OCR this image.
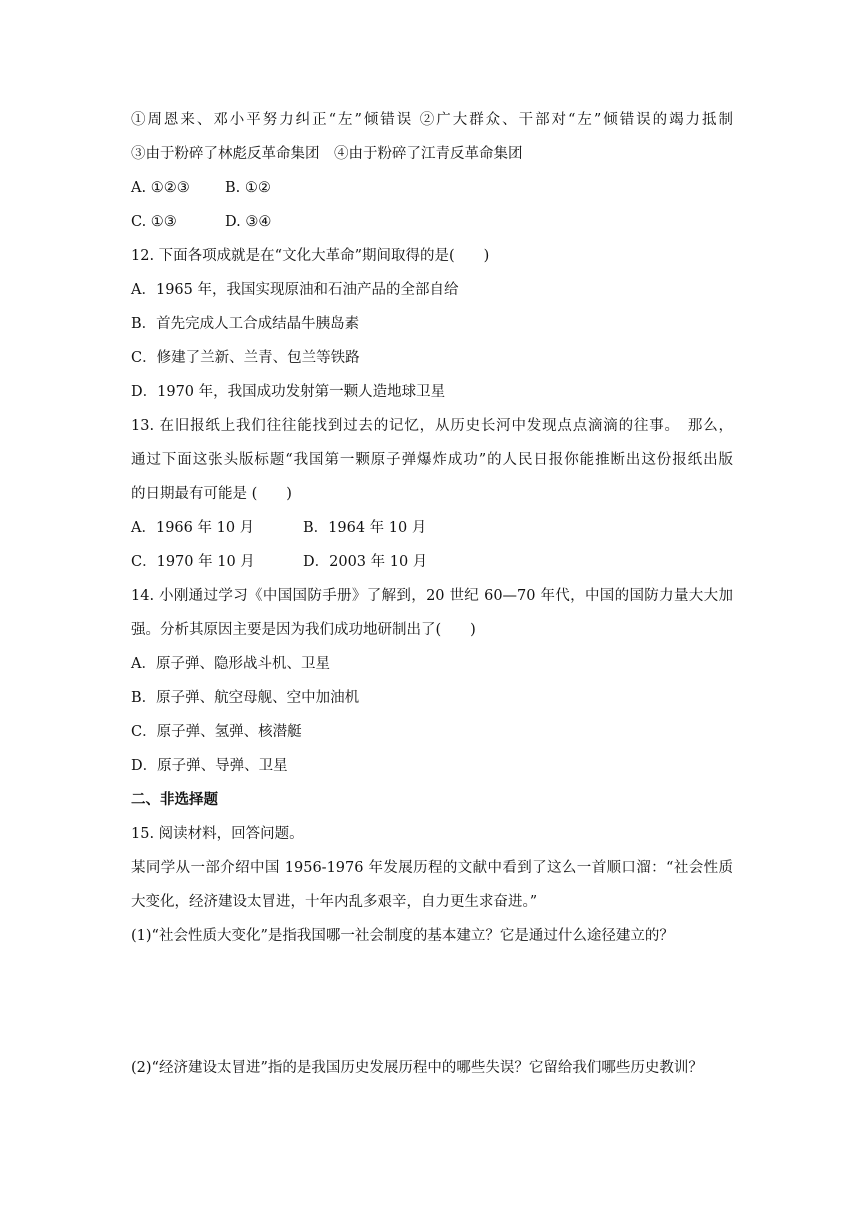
①周恩来、邓小平努力纠正“左”倾错误 ②广大群众、干部对“左”倾错误的竭力抵制
③由于粉碎了林彪反革命集团　④由于粉碎了江青反革命集团
A. ①②③ B. ①②
C. ①③	D. ③④
12. 下面各项成就是在“文化大革命”期间取得的是(　　)
A．1965 年，我国实现原油和石油产品的全部自给
B．首先完成人工合成结晶牛胰岛素
C．修建了兰新、兰青、包兰等铁路
D．1970 年，我国成功发射第一颗人造地球卫星
13. 在旧报纸上我们往往能找到过去的记忆，从历史长河中发现点点滴滴的往事。　那么，
通过下面这张头版标题“我国第一颗原子弹爆炸成功”的人民日报你能推断出这份报纸出版
的日期最有可能是 (　　)
A．1966 年 10 月	B．1964 年 10 月
C．1970 年 10 月	D．2003 年 10 月
14. 小刚通过学习《中国国防手册》了解到，20 世纪 60—70 年代，中国的国防力量大大加
强。分析其原因主要是因为我们成功地研制出了(　　)
A．原子弹、隐形战斗机、卫星
B．原子弹、航空母舰、空中加油机
C．原子弹、氢弹、核潜艇
D．原子弹、导弹、卫星
二、非选择题
15. 阅读材料，回答问题。
某同学从一部介绍中国 1956-1976 年发展历程的文献中看到了这么一首顺口溜：“社会性质
大变化，经济建设太冒进，十年内乱多艰辛，自力更生求奋进。”
(1)“社会性质大变化”是指我国哪一社会制度的基本建立？它是通过什么途径建立的？
(2)“经济建设太冒进”指的是我国历史发展历程中的哪些失误？它留给我们哪些历史教训？
